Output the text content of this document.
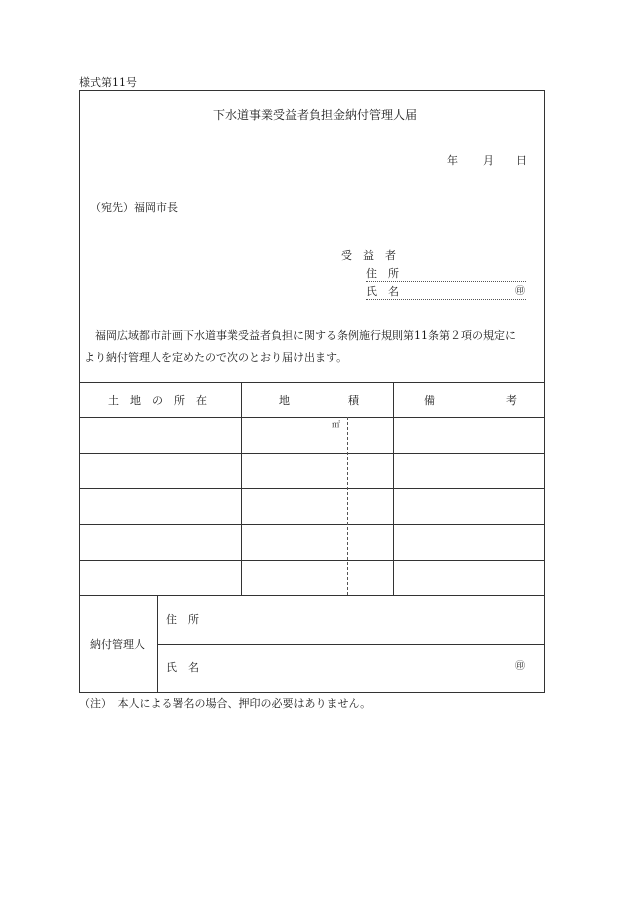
様式第11号
下水道事業受益者負担金納付管理人届
年 月 日
（宛先）福岡市長
受　益　者
住　所
氏　名	㊞
福岡広域都市計画下水道事業受益者負担に関する条例施行規則第11条第２項の規定に
より納付管理人を定めたので次のとおり届け出ます。
土　地　の　所　在	地	積	備	考
㎡
納付管理人
住　所
氏　名	㊞
（注）　本人による署名の場合、押印の必要はありません。
